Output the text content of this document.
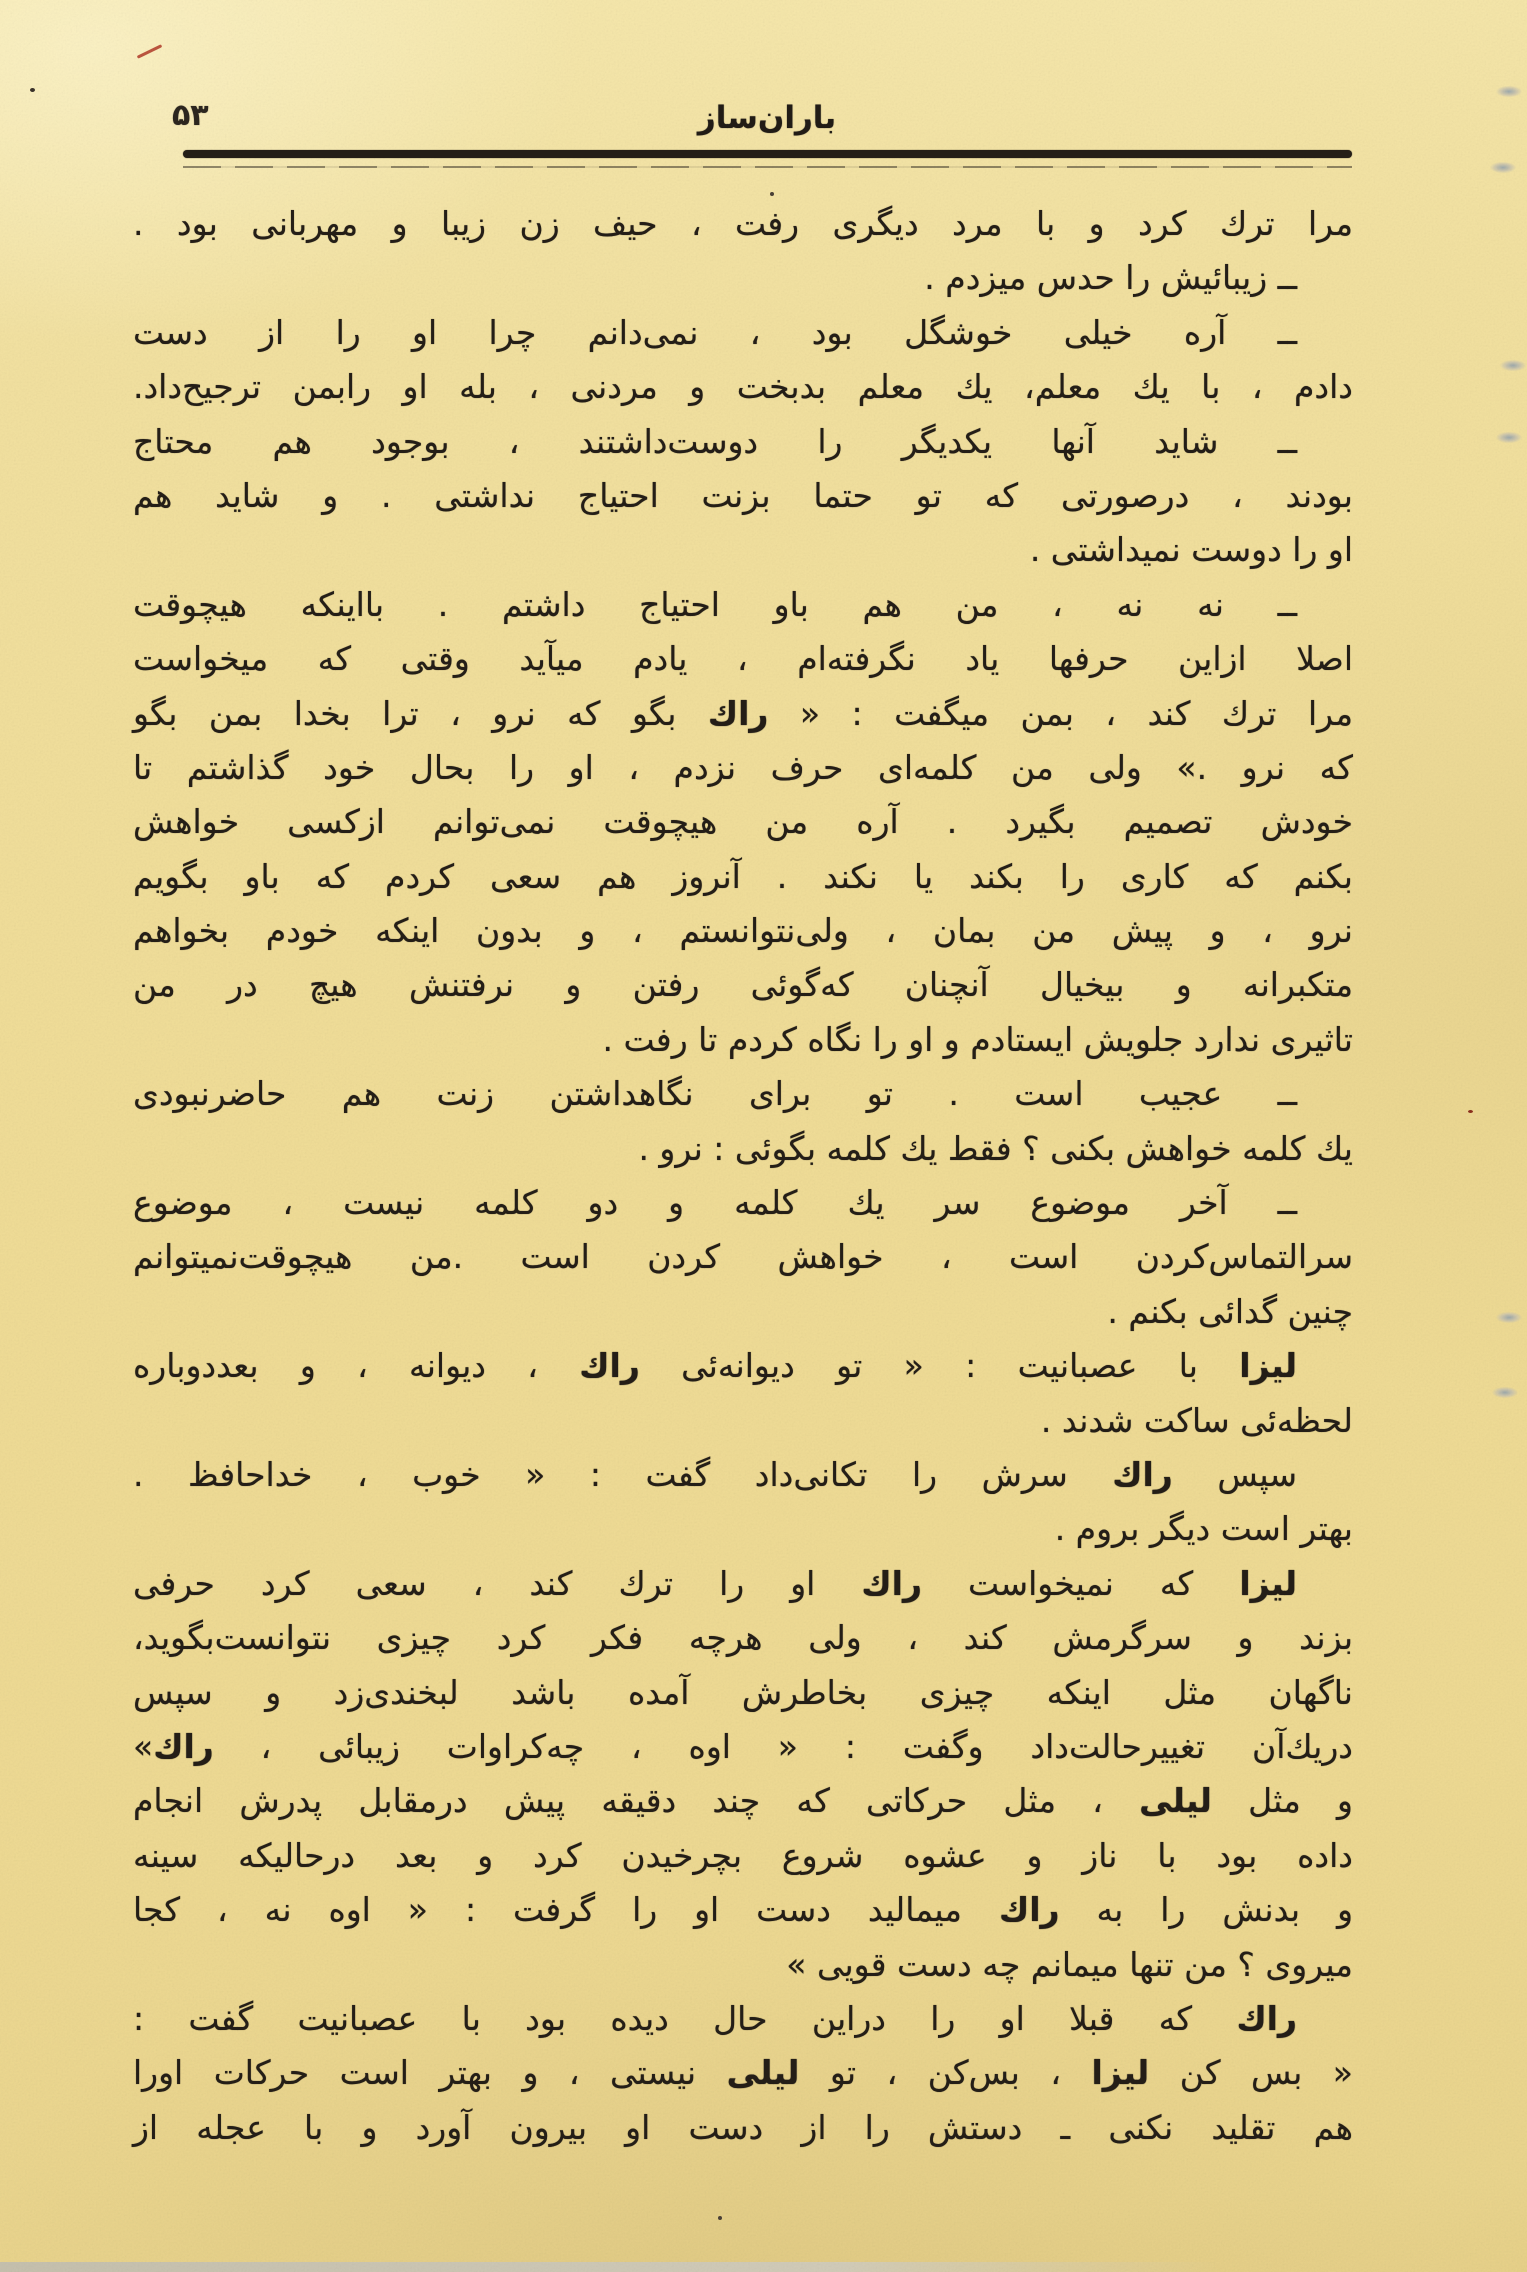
۵۳	باران‌ساز
مرا ترك كرد و با مرد دیگری رفت ، حیف زن زیبا و مهربانی بود .
ــ زیبائیش را حدس میزدم .
ــ آره خیلی خوشگل بود ، نمی‌دانم چرا او را از دست
دادم ، با یك معلم، یك معلم بدبخت و مردنی ، بله او رابمن ترجیح‌داد.
ــ شاید آنها یكدیگر را دوست‌داشتند ، بوجود هم محتاج
بودند ، درصورتی كه تو حتما بزنت احتیاج نداشتی . و شاید هم
او را دوست نمیداشتی .
ــ نه نه ، من هم باو احتیاج داشتم . بااینكه هیچوقت
اصلا ازاین حرفها یاد نگرفته‌ام ، یادم میآید وقتی كه میخواست
مرا ترك كند ، بمن میگفت : « راك بگو كه نرو ، ترا بخدا بمن بگو
كه نرو .» ولی من كلمه‌ای حرف نزدم ، او را بحال خود گذاشتم تا
خودش تصمیم بگیرد . آره من هیچوقت نمی‌توانم ازكسی خواهش
بكنم كه كاری را بكند یا نكند . آنروز هم سعی كردم كه باو بگویم
نرو ، و پیش من بمان ، ولی‌نتوانستم ، و بدون اینكه خودم بخواهم
متكبرانه و بیخیال آنچنان كه‌گوئی رفتن و نرفتنش هیچ در من
تاثیری ندارد جلویش ایستادم و او را نگاه كردم تا رفت .
ــ عجیب است . تو برای نگاهداشتن زنت هم حاضرنبودی
یك كلمه خواهش بكنی ؟ فقط یك كلمه بگوئی : نرو .
ــ آخر موضوع سر یك كلمه و دو كلمه نیست ، موضوع
سرالتماس‌كردن است ، خواهش كردن است .من هیچوقت‌نمیتوانم
چنین گدائی بكنم .
لیزا با عصبانیت : « تو دیوانه‌ئی راك ، دیوانه ، و بعددوباره
لحظه‌ئی ساكت شدند .
سپس راك سرش را تكانی‌داد گفت : « خوب ، خداحافظ .
بهتر است دیگر بروم .
لیزا كه نمیخواست راك او را ترك كند ، سعی كرد حرفی
بزند و سرگرمش كند ، ولی هرچه فكر كرد چیزی نتوانست‌بگوید،
ناگهان مثل اینكه چیزی بخاطرش آمده باشد لبخندی‌زد و سپس
دریك‌آن تغییرحالت‌داد وگفت : « اوه ، چه‌كراوات زیبائی ، راك»
و مثل لیلی ، مثل حركاتی كه چند دقیقه پیش درمقابل پدرش انجام
داده بود با ناز و عشوه شروع بچرخیدن كرد و بعد درحالیكه سینه
و بدنش را به راك میمالید دست او را گرفت : « اوه نه ، كجا
میروی ؟ من تنها میمانم چه دست قویی »
راك كه قبلا او را دراین حال دیده بود با عصبانیت گفت :
« بس كن لیزا ، بس‌كن ، تو لیلی نیستی ، و بهتر است حركات اورا
هم تقلید نكنی ـ دستش را از دست او بیرون آورد و با عجله از
